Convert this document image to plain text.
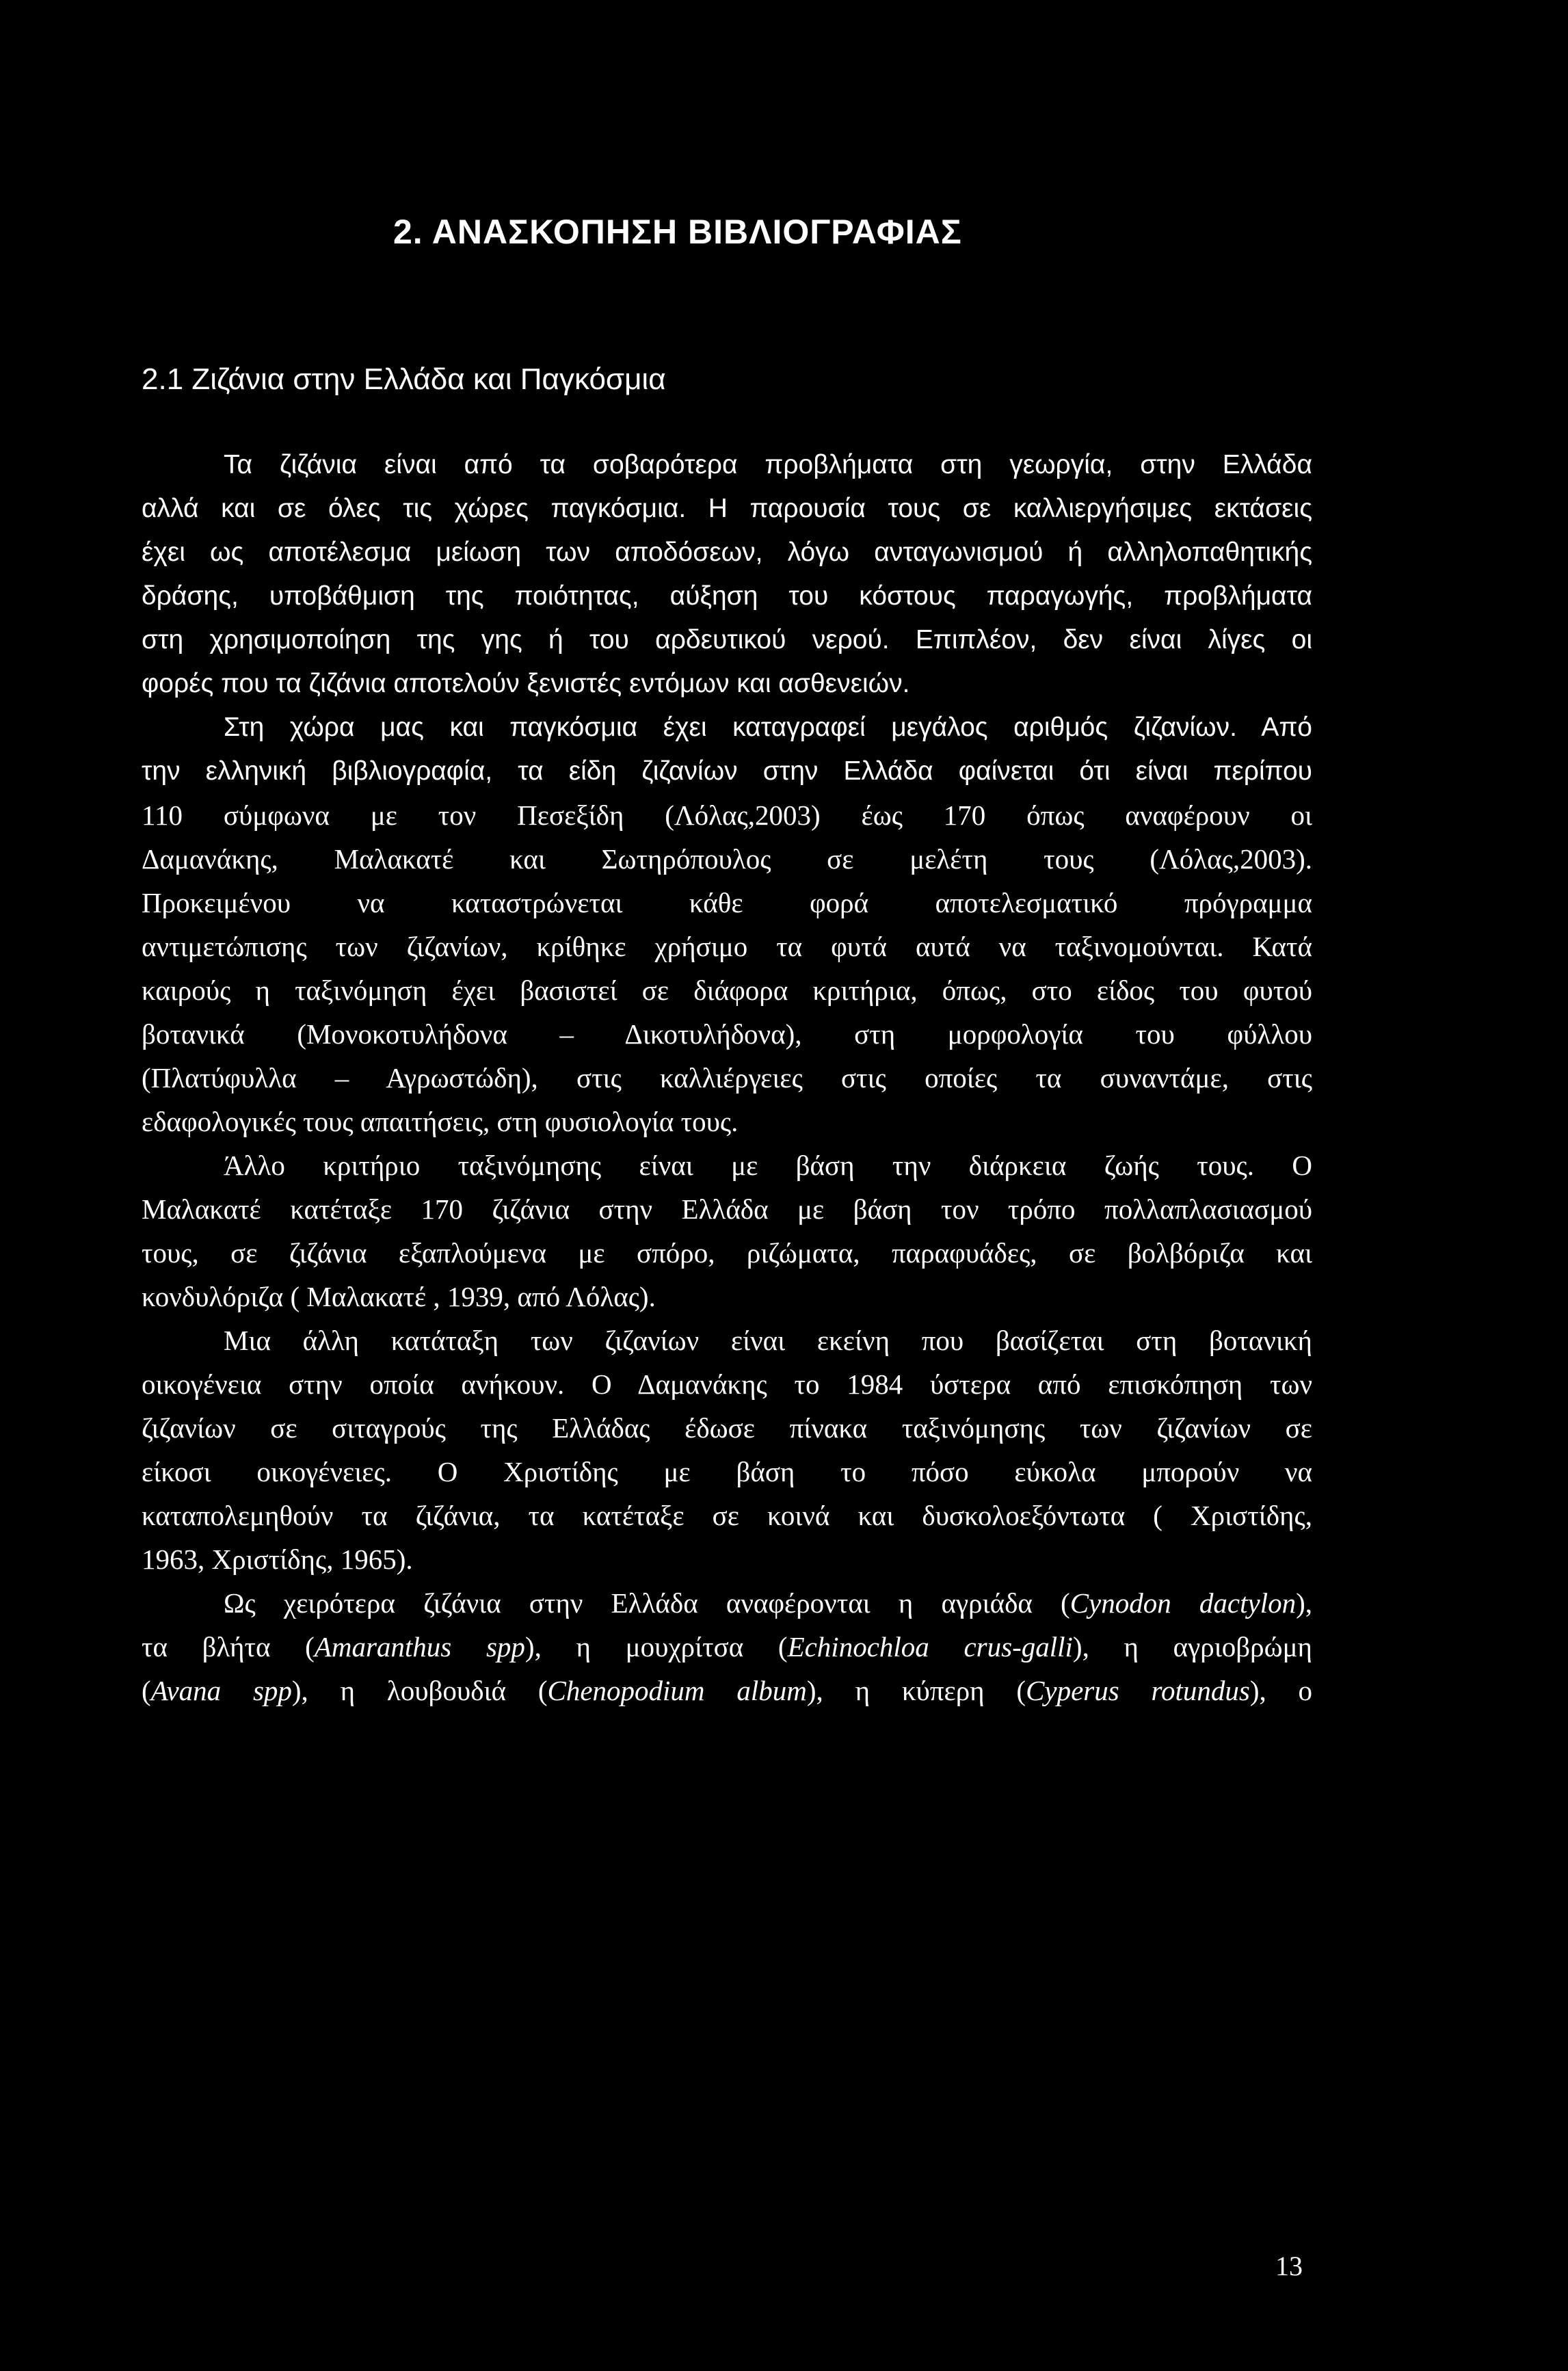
2. ΑΝΑΣΚΟΠΗΣΗ ΒΙΒΛΙΟΓΡΑΦΙΑΣ
2.1 Ζιζάνια στην Ελλάδα και Παγκόσμια
Τα ζιζάνια είναι από τα σοβαρότερα προβλήματα στη γεωργία, στην Ελλάδα
αλλά και σε όλες τις χώρες παγκόσμια. Η παρουσία τους σε καλλιεργήσιμες εκτάσεις
έχει ως αποτέλεσμα μείωση των αποδόσεων, λόγω ανταγωνισμού ή αλληλοπαθητικής
δράσης, υποβάθμιση της ποιότητας, αύξηση του κόστους παραγωγής, προβλήματα
στη χρησιμοποίηση της γης ή του αρδευτικού νερού. Επιπλέον, δεν είναι λίγες οι
φορές που τα ζιζάνια αποτελούν ξενιστές εντόμων και ασθενειών.
Στη χώρα μας και παγκόσμια έχει καταγραφεί μεγάλος αριθμός ζιζανίων. Από
την ελληνική βιβλιογραφία, τα είδη ζιζανίων στην Ελλάδα φαίνεται ότι είναι περίπου
110 σύμφωνα με τον Πεσεξίδη (Λόλας,2003) έως 170 όπως αναφέρουν οι
Δαμανάκης, Μαλακατέ και Σωτηρόπουλος σε μελέτη τους (Λόλας,2003).
Προκειμένου να καταστρώνεται κάθε φορά αποτελεσματικό πρόγραμμα
αντιμετώπισης των ζιζανίων, κρίθηκε χρήσιμο τα φυτά αυτά να ταξινομούνται. Κατά
καιρούς η ταξινόμηση έχει βασιστεί σε διάφορα κριτήρια, όπως, στο είδος του φυτού
βοτανικά (Μονοκοτυλήδονα – Δικοτυλήδονα), στη μορφολογία του φύλλου
(Πλατύφυλλα – Αγρωστώδη), στις καλλιέργειες στις οποίες τα συναντάμε, στις
εδαφολογικές τους απαιτήσεις, στη φυσιολογία τους.
Άλλο κριτήριο ταξινόμησης είναι με βάση την διάρκεια ζωής τους. Ο
Μαλακατέ κατέταξε 170 ζιζάνια στην Ελλάδα με βάση τον τρόπο πολλαπλασιασμού
τους, σε ζιζάνια εξαπλούμενα με σπόρο, ριζώματα, παραφυάδες, σε βολβόριζα και
κονδυλόριζα ( Μαλακατέ , 1939, από Λόλας).
Μια άλλη κατάταξη των ζιζανίων είναι εκείνη που βασίζεται στη βοτανική
οικογένεια στην οποία ανήκουν. Ο Δαμανάκης το 1984 ύστερα από επισκόπηση των
ζιζανίων σε σιταγρούς της Ελλάδας έδωσε πίνακα ταξινόμησης των ζιζανίων σε
είκοσι οικογένειες. Ο Χριστίδης με βάση το πόσο εύκολα μπορούν να
καταπολεμηθούν τα ζιζάνια, τα κατέταξε σε κοινά και δυσκολοεξόντωτα ( Χριστίδης,
1963, Χριστίδης, 1965).
Ως χειρότερα ζιζάνια στην Ελλάδα αναφέρονται η αγριάδα (Cynodon dactylon),
τα βλήτα (Amaranthus spp), η μουχρίτσα (Echinochloa crus-galli), η αγριοβρώμη
(Avana spp), η λουβουδιά (Chenopodium album), η κύπερη (Cyperus rotundus), ο
13
